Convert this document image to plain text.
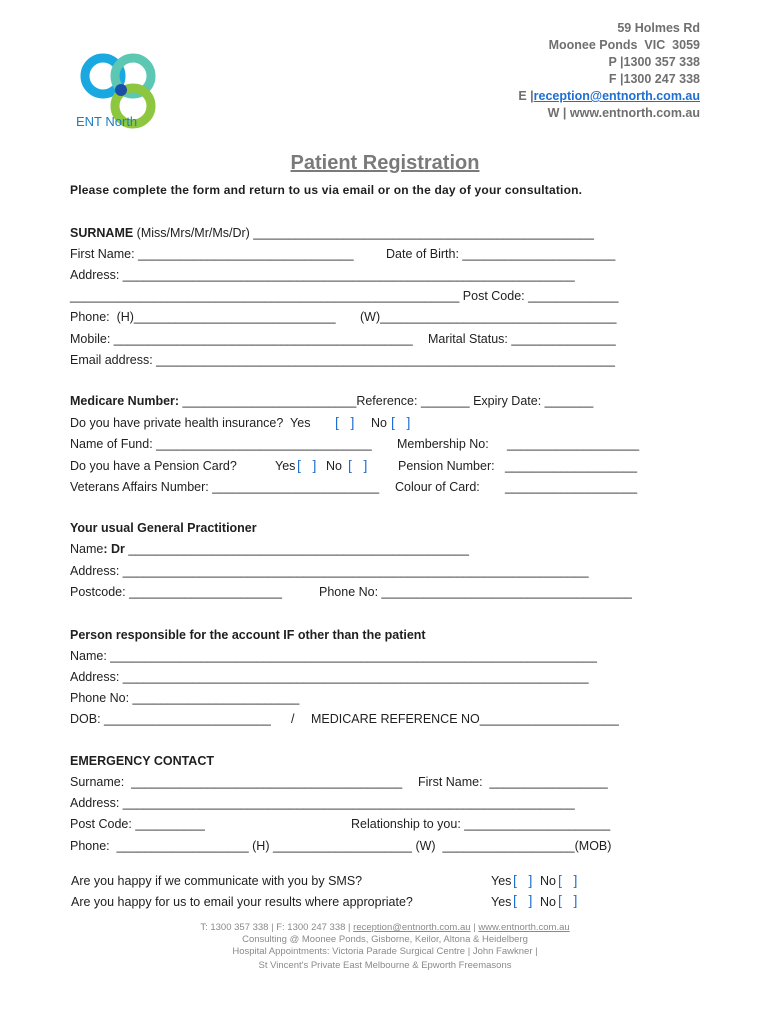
ENT North

59 Holmes Rd
Moonee Ponds  VIC  3059
P |1300 357 338
F |1300 247 338
E |reception@entnorth.com.au
W | www.entnorth.com.au
Patient Registration
Please complete the form and return to us via email or on the day of your consultation.
SURNAME (Miss/Mrs/Mr/Ms/Dr) _________________________________________________
First Name: _______________________________	Date of Birth: ______________________
Address: _________________________________________________________________
________________________________________________________ Post Code: _____________
Phone:  (H)_____________________________ (W)__________________________________
Mobile: ___________________________________________ Marital Status: _______________
Email address: __________________________________________________________________
Medicare Number: _________________________Reference: _______ Expiry Date: _______
Do you have private health insurance?  Yes [   ] No [   ]
Name of Fund: _______________________________ Membership No: ___________________
Do you have a Pension Card?	Yes [   ] No [   ] Pension Number: ___________________
Veterans Affairs Number: ________________________ Colour of Card: ___________________
Your usual General Practitioner
Name: Dr _________________________________________________
Address: ___________________________________________________________________
Postcode: ______________________	Phone No: ____________________________________
Person responsible for the account IF other than the patient
Name: ______________________________________________________________________
Address: ___________________________________________________________________
Phone No: ________________________
DOB: ________________________ / MEDICARE REFERENCE NO____________________
EMERGENCY CONTACT
Surname:  _______________________________________ First Name:  _________________
Address: _________________________________________________________________
Post Code: __________	Relationship to you: _____________________
Phone:  ___________________ (H) ____________________ (W)  ___________________(MOB)
Are you happy if we communicate with you by SMS?	Yes [   ] No [   ]
Are you happy for us to email your results where appropriate?	Yes [   ] No [   ]
T: 1300 357 338 | F: 1300 247 338 | reception@entnorth.com.au | www.entnorth.com.au
Consulting @ Moonee Ponds, Gisborne, Keilor, Altona & Heidelberg
Hospital Appointments: Victoria Parade Surgical Centre | John Fawkner |
St Vincent's Private East Melbourne & Epworth Freemasons
